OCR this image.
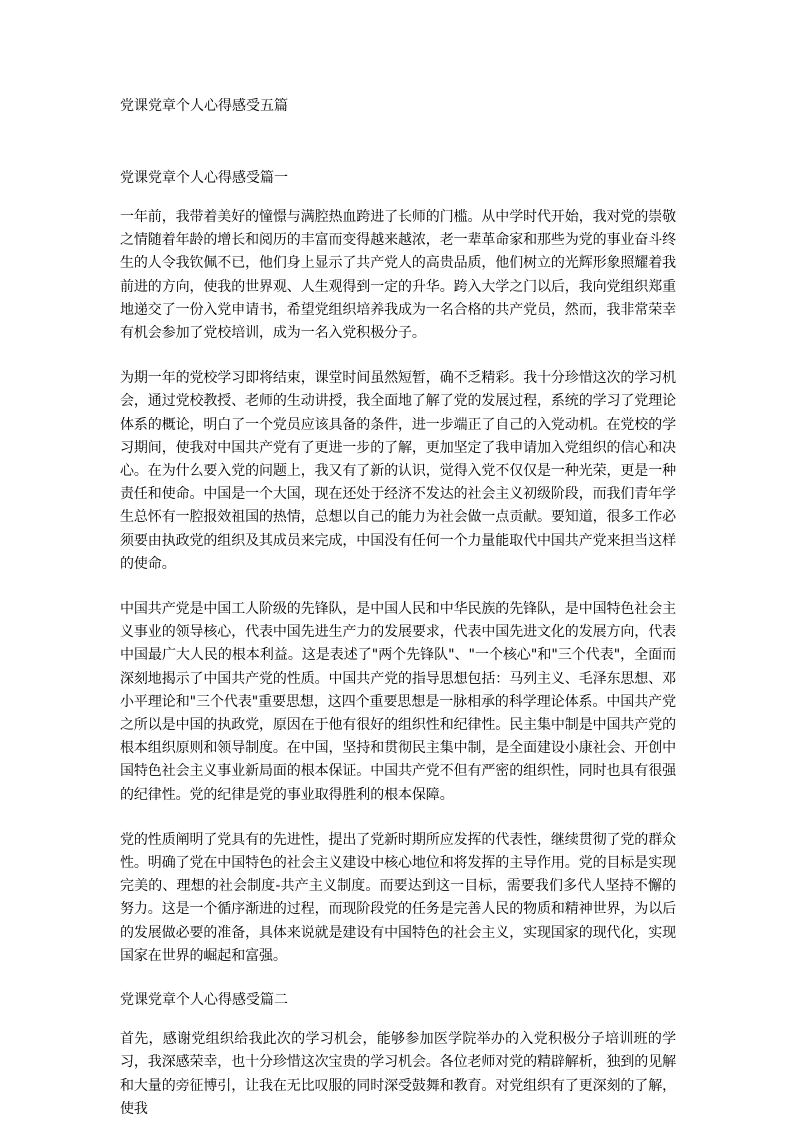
党课党章个人心得感受五篇
党课党章个人心得感受篇一

一年前，我带着美好的憧憬与满腔热血跨进了长师的门槛。从中学时代开始，我对党的崇敬之情随着年龄的增长和阅历的丰富而变得越来越浓，老一辈革命家和那些为党的事业奋斗终生的人令我钦佩不已，他们身上显示了共产党人的高贵品质，他们树立的光辉形象照耀着我前进的方向，使我的世界观、人生观得到一定的升华。跨入大学之门以后，我向党组织郑重地递交了一份入党申请书，希望党组织培养我成为一名合格的共产党员，然而，我非常荣幸有机会参加了党校培训，成为一名入党积极分子。

为期一年的党校学习即将结束，课堂时间虽然短暂，确不乏精彩。我十分珍惜这次的学习机会，通过党校教授、老师的生动讲授，我全面地了解了党的发展过程，系统的学习了党理论体系的概论，明白了一个党员应该具备的条件，进一步端正了自己的入党动机。在党校的学习期间，使我对中国共产党有了更进一步的了解，更加坚定了我申请加入党组织的信心和决心。在为什么要入党的问题上，我又有了新的认识，觉得入党不仅仅是一种光荣，更是一种责任和使命。中国是一个大国，现在还处于经济不发达的社会主义初级阶段，而我们青年学生总怀有一腔报效祖国的热情，总想以自己的能力为社会做一点贡献。要知道，很多工作必须要由执政党的组织及其成员来完成，中国没有任何一个力量能取代中国共产党来担当这样的使命。

中国共产党是中国工人阶级的先锋队，是中国人民和中华民族的先锋队，是中国特色社会主义事业的领导核心，代表中国先进生产力的发展要求，代表中国先进文化的发展方向，代表中国最广大人民的根本利益。这是表述了"两个先锋队"、"一个核心"和"三个代表"，全面而深刻地揭示了中国共产党的性质。中国共产党的指导思想包括：马列主义、毛泽东思想、邓小平理论和"三个代表"重要思想，这四个重要思想是一脉相承的科学理论体系。中国共产党之所以是中国的执政党，原因在于他有很好的组织性和纪律性。民主集中制是中国共产党的根本组织原则和领导制度。在中国，坚持和贯彻民主集中制，是全面建设小康社会、开创中国特色社会主义事业新局面的根本保证。中国共产党不但有严密的组织性，同时也具有很强的纪律性。党的纪律是党的事业取得胜利的根本保障。

党的性质阐明了党具有的先进性，提出了党新时期所应发挥的代表性，继续贯彻了党的群众性。明确了党在中国特色的社会主义建设中核心地位和将发挥的主导作用。党的目标是实现完美的、理想的社会制度-共产主义制度。而要达到这一目标，需要我们多代人坚持不懈的努力。这是一个循序渐进的过程，而现阶段党的任务是完善人民的物质和精神世界，为以后的发展做必要的准备，具体来说就是建设有中国特色的社会主义，实现国家的现代化，实现国家在世界的崛起和富强。

党课党章个人心得感受篇二

首先，感谢党组织给我此次的学习机会，能够参加医学院举办的入党积极分子培训班的学习，我深感荣幸，也十分珍惜这次宝贵的学习机会。各位老师对党的精辟解析，独到的见解和大量的旁征博引，让我在无比叹服的同时深受鼓舞和教育。对党组织有了更深刻的了解，使我
